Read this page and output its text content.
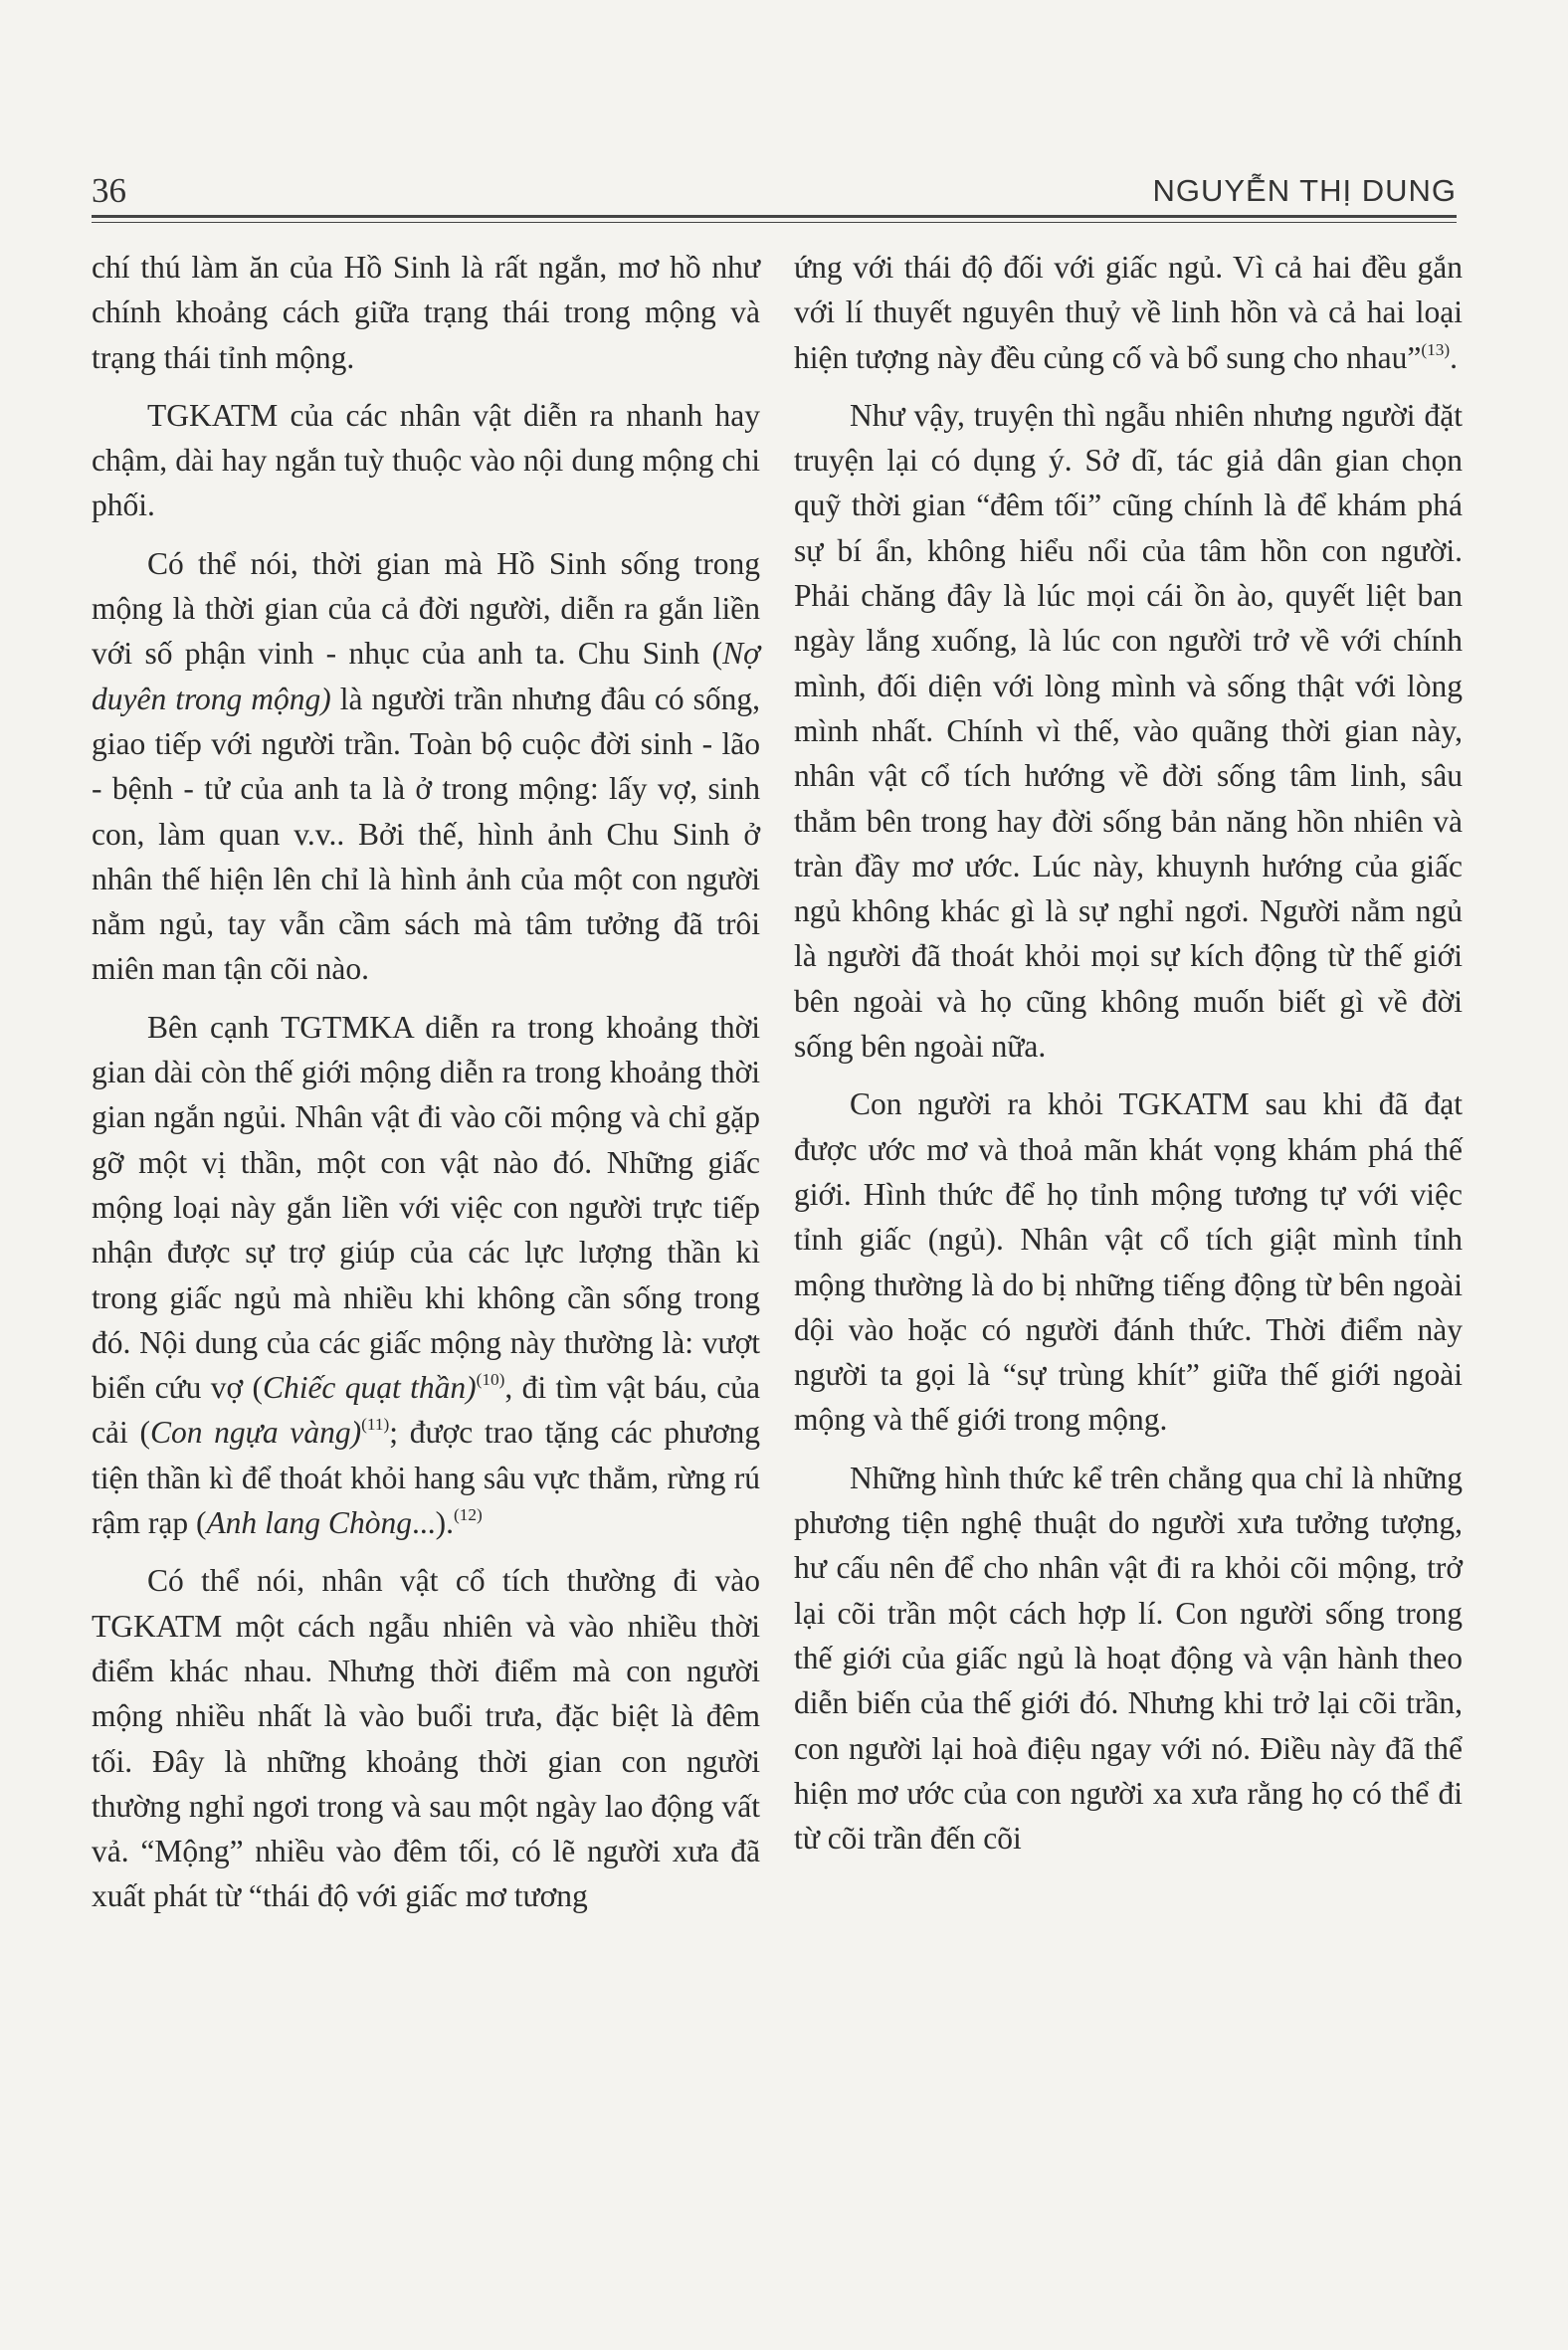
36	NGUYỄN THỊ DUNG

chí thú làm ăn của Hồ Sinh là rất ngắn, mơ hồ như chính khoảng cách giữa trạng thái trong mộng và trạng thái tỉnh mộng.

TGKATM của các nhân vật diễn ra nhanh hay chậm, dài hay ngắn tuỳ thuộc vào nội dung mộng chi phối.

Có thể nói, thời gian mà Hồ Sinh sống trong mộng là thời gian của cả đời người, diễn ra gắn liền với số phận vinh - nhục của anh ta. Chu Sinh (Nợ duyên trong mộng) là người trần nhưng đâu có sống, giao tiếp với người trần. Toàn bộ cuộc đời sinh - lão - bệnh - tử của anh ta là ở trong mộng: lấy vợ, sinh con, làm quan v.v.. Bởi thế, hình ảnh Chu Sinh ở nhân thế hiện lên chỉ là hình ảnh của một con người nằm ngủ, tay vẫn cầm sách mà tâm tưởng đã trôi miên man tận cõi nào.

Bên cạnh TGTMKA diễn ra trong khoảng thời gian dài còn thế giới mộng diễn ra trong khoảng thời gian ngắn ngủi. Nhân vật đi vào cõi mộng và chỉ gặp gỡ một vị thần, một con vật nào đó. Những giấc mộng loại này gắn liền với việc con người trực tiếp nhận được sự trợ giúp của các lực lượng thần kì trong giấc ngủ mà nhiều khi không cần sống trong đó. Nội dung của các giấc mộng này thường là: vượt biển cứu vợ (Chiếc quạt thần)$^{(10)}$, đi tìm vật báu, của cải (Con ngựa vàng)$^{(11)}$; được trao tặng các phương tiện thần kì để thoát khỏi hang sâu vực thẳm, rừng rú rậm rạp (Anh lang Chòng...).$^{(12)}$

Có thể nói, nhân vật cổ tích thường đi vào TGKATM một cách ngẫu nhiên và vào nhiều thời điểm khác nhau. Nhưng thời điểm mà con người mộng nhiều nhất là vào buổi trưa, đặc biệt là đêm tối. Đây là những khoảng thời gian con người thường nghỉ ngơi trong và sau một ngày lao động vất vả. “Mộng” nhiều vào đêm tối, có lẽ người xưa đã xuất phát từ “thái độ với giấc mơ tương

ứng với thái độ đối với giấc ngủ. Vì cả hai đều gắn với lí thuyết nguyên thuỷ về linh hồn và cả hai loại hiện tượng này đều củng cố và bổ sung cho nhau”$^{(13)}$.

Như vậy, truyện thì ngẫu nhiên nhưng người đặt truyện lại có dụng ý. Sở dĩ, tác giả dân gian chọn quỹ thời gian “đêm tối” cũng chính là để khám phá sự bí ẩn, không hiểu nổi của tâm hồn con người. Phải chăng đây là lúc mọi cái ồn ào, quyết liệt ban ngày lắng xuống, là lúc con người trở về với chính mình, đối diện với lòng mình và sống thật với lòng mình nhất. Chính vì thế, vào quãng thời gian này, nhân vật cổ tích hướng về đời sống tâm linh, sâu thẳm bên trong hay đời sống bản năng hồn nhiên và tràn đầy mơ ước. Lúc này, khuynh hướng của giấc ngủ không khác gì là sự nghỉ ngơi. Người nằm ngủ là người đã thoát khỏi mọi sự kích động từ thế giới bên ngoài và họ cũng không muốn biết gì về đời sống bên ngoài nữa.

Con người ra khỏi TGKATM sau khi đã đạt được ước mơ và thoả mãn khát vọng khám phá thế giới. Hình thức để họ tỉnh mộng tương tự với việc tỉnh giấc (ngủ). Nhân vật cổ tích giật mình tỉnh mộng thường là do bị những tiếng động từ bên ngoài dội vào hoặc có người đánh thức. Thời điểm này người ta gọi là “sự trùng khít” giữa thế giới ngoài mộng và thế giới trong mộng.

Những hình thức kể trên chẳng qua chỉ là những phương tiện nghệ thuật do người xưa tưởng tượng, hư cấu nên để cho nhân vật đi ra khỏi cõi mộng, trở lại cõi trần một cách hợp lí. Con người sống trong thế giới của giấc ngủ là hoạt động và vận hành theo diễn biến của thế giới đó. Nhưng khi trở lại cõi trần, con người lại hoà điệu ngay với nó. Điều này đã thể hiện mơ ước của con người xa xưa rằng họ có thể đi từ cõi trần đến cõi
